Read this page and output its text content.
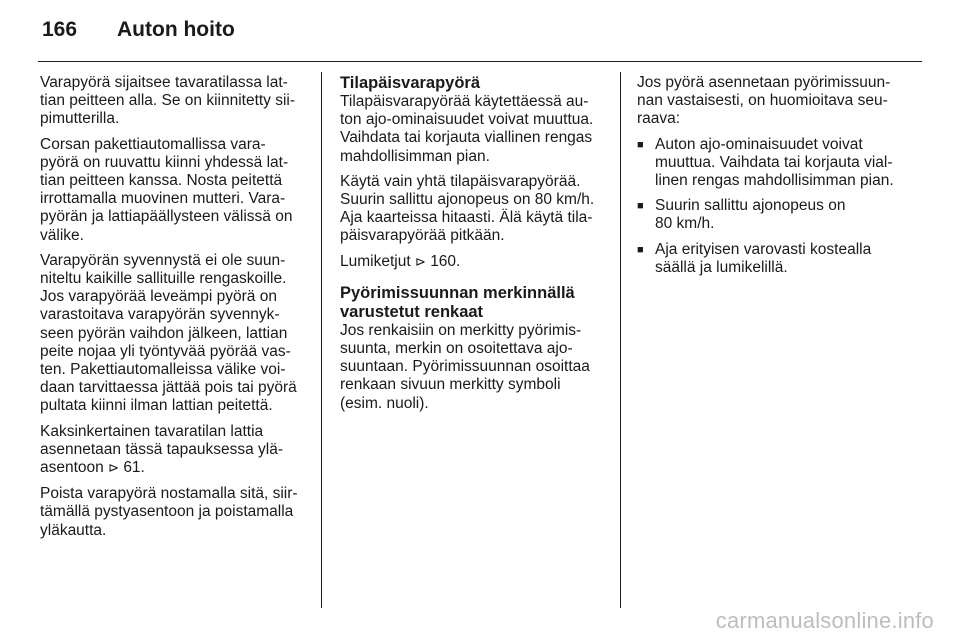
166	Auton hoito

Varapyörä sijaitsee tavaratilassa lat-
tian peitteen alla. Se on kiinnitetty sii-
pimutterilla.

Corsan pakettiautomallissa vara-
pyörä on ruuvattu kiinni yhdessä lat-
tian peitteen kanssa. Nosta peitettä
irrottamalla muovinen mutteri. Vara-
pyörän ja lattiapäällysteen välissä on
välike.

Varapyörän syvennystä ei ole suun-
niteltu kaikille sallituille rengaskoille.
Jos varapyörää leveämpi pyörä on
varastoitava varapyörän syvennyk-
seen pyörän vaihdon jälkeen, lattian
peite nojaa yli työntyvää pyörää vas-
ten. Pakettiautomalleissa välike voi-
daan tarvittaessa jättää pois tai pyörä
pultata kiinni ilman lattian peitettä.

Kaksinkertainen tavaratilan lattia
asennetaan tässä tapauksessa ylä-
asentoon ⊳ 61.

Poista varapyörä nostamalla sitä, siir-
tämällä pystyasentoon ja poistamalla
yläkautta.

Tilapäisvarapyörä

Tilapäisvarapyörää käytettäessä au-
ton ajo-ominaisuudet voivat muuttua.
Vaihdata tai korjauta viallinen rengas
mahdollisimman pian.

Käytä vain yhtä tilapäisvarapyörää.
Suurin sallittu ajonopeus on 80 km/h.
Aja kaarteissa hitaasti. Älä käytä tila-
päisvarapyörää pitkään.

Lumiketjut ⊳ 160.

Pyörimissuunnan merkinnällä
varustetut renkaat

Jos renkaisiin on merkitty pyörimis-
suunta, merkin on osoitettava ajo-
suuntaan. Pyörimissuunnan osoittaa
renkaan sivuun merkitty symboli
(esim. nuoli).

Jos pyörä asennetaan pyörimissuun-
nan vastaisesti, on huomioitava seu-
raava:

■ Auton ajo-ominaisuudet voivat
muuttua. Vaihdata tai korjauta vial-
linen rengas mahdollisimman pian.
■ Suurin sallittu ajonopeus on
80 km/h.
■ Aja erityisen varovasti kostealla
säällä ja lumikelillä.
carmanualsonline.info
